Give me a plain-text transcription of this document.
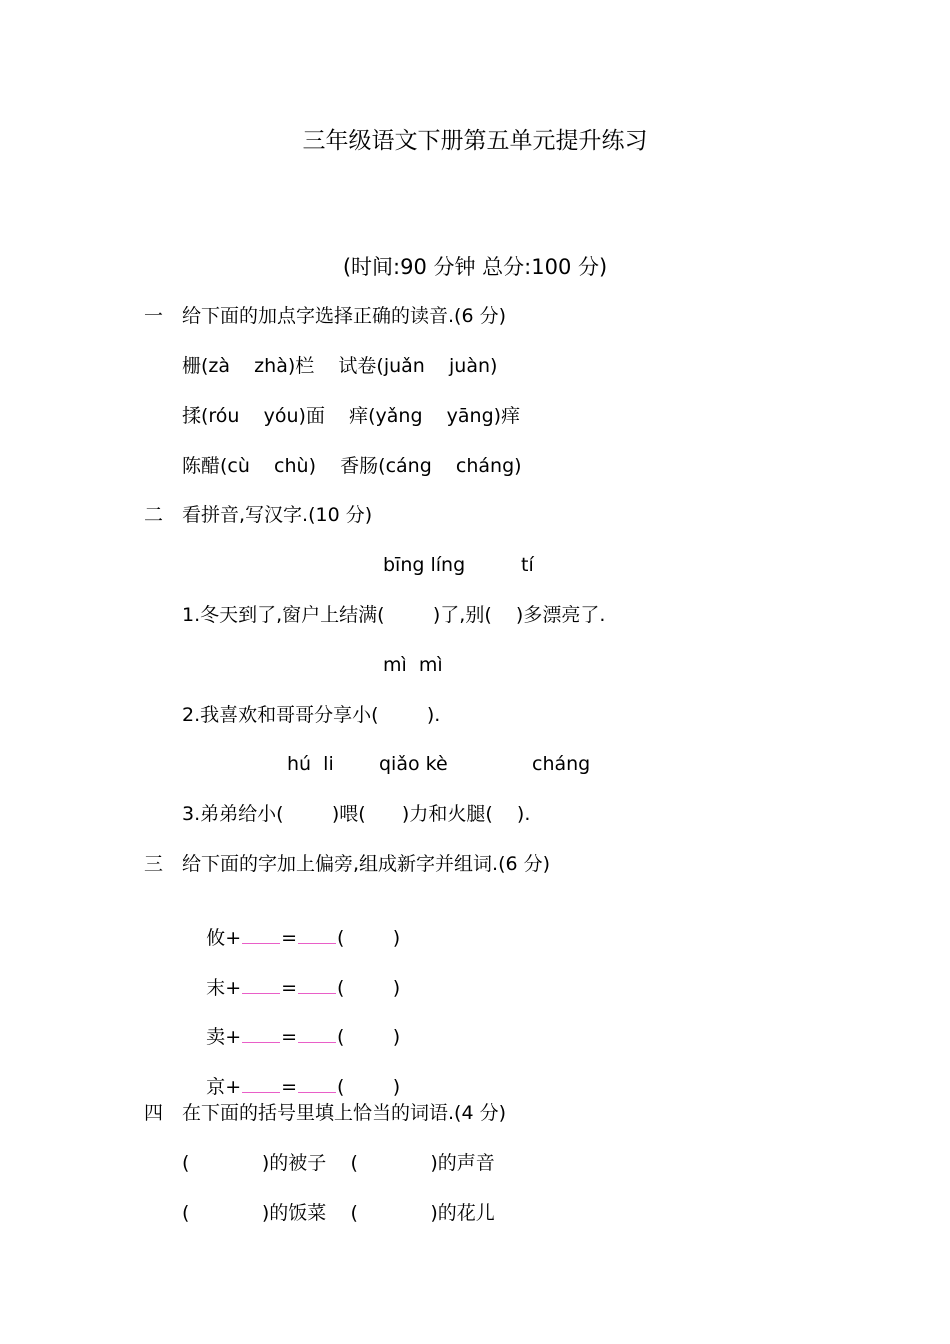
三年级语文下册第五单元提升练习
(时间:90 分钟 总分:100 分)
一 给下面的加点字选择正确的读音.(6 分)
栅(zà    zhà)栏    试卷(juǎn    juàn)
揉(róu    yóu)面    痒(yǎng    yāng)痒
陈醋(cù    chù)    香肠(cáng    cháng)
二 看拼音,写汉字.(10 分)
bīng líng	tí
1.冬天到了,窗户上结满(        )了,别(    )多漂亮了.
mì  mì
2.我喜欢和哥哥分享小(        ).
hú  li qiǎo kè	cháng
3.弟弟给小(        )喂(      )力和火腿(    ).
三 给下面的字加上偏旁,组成新字并组词.(6 分)

攸+ = (        )

末+ = (        )

卖+ = (        )

京+ = (        )

四 在下面的括号里填上恰当的词语.(4 分)
(            )的被子    (            )的声音
(            )的饭菜    (            )的花儿
